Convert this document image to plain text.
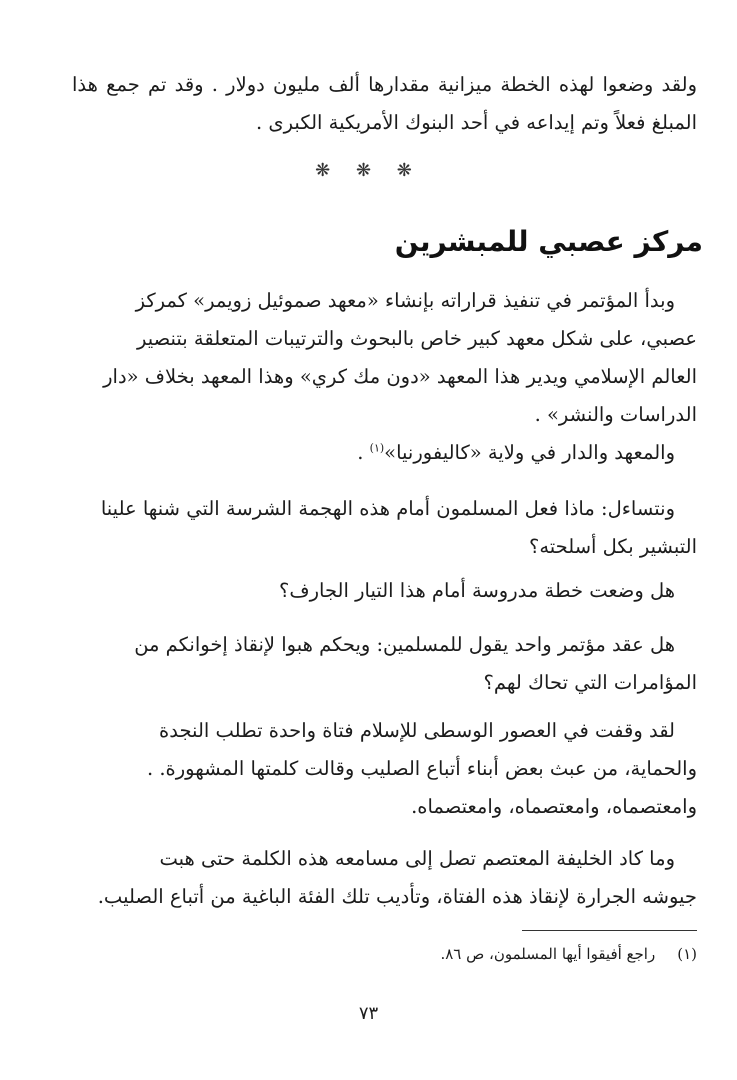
ولقد وضعوا لهذه الخطة ميزانية مقدارها ألف مليون دولار . وقد تم جمع هذا
المبلغ فعلاً وتم إيداعه في أحد البنوك الأمريكية الكبرى .
❋ ❋ ❋
مركز عصبي للمبشرين
وبدأ المؤتمر في تنفيذ قراراته بإنشاء «معهد صموئيل زويمر» كمركز
عصبي، على شكل معهد كبير خاص بالبحوث والترتيبات المتعلقة بتنصير
العالم الإسلامي ويدير هذا المعهد «دون مك كري» وهذا المعهد بخلاف «دار
الدراسات والنشر» .
والمعهد والدار في ولاية «كاليفورنيا»$^{(١)}$ .
ونتساءل: ماذا فعل المسلمون أمام هذه الهجمة الشرسة التي شنها علينا
التبشير بكل أسلحته؟
هل وضعت خطة مدروسة أمام هذا التيار الجارف؟
هل عقد مؤتمر واحد يقول للمسلمين: ويحكم هبوا لإنقاذ إخوانكم من
المؤامرات التي تحاك لهم؟
لقد وقفت في العصور الوسطى للإسلام فتاة واحدة تطلب النجدة
والحماية، من عبث بعض أبناء أتباع الصليب وقالت كلمتها المشهورة. .
وامعتصماه، وامعتصماه، وامعتصماه.
وما كاد الخليفة المعتصم تصل إلى مسامعه هذه الكلمة حتى هبت
جيوشه الجرارة لإنقاذ هذه الفتاة، وتأديب تلك الفئة الباغية من أتباع الصليب.
(١)راجع أفيقوا أيها المسلمون، ص ٨٦.
٧٣
